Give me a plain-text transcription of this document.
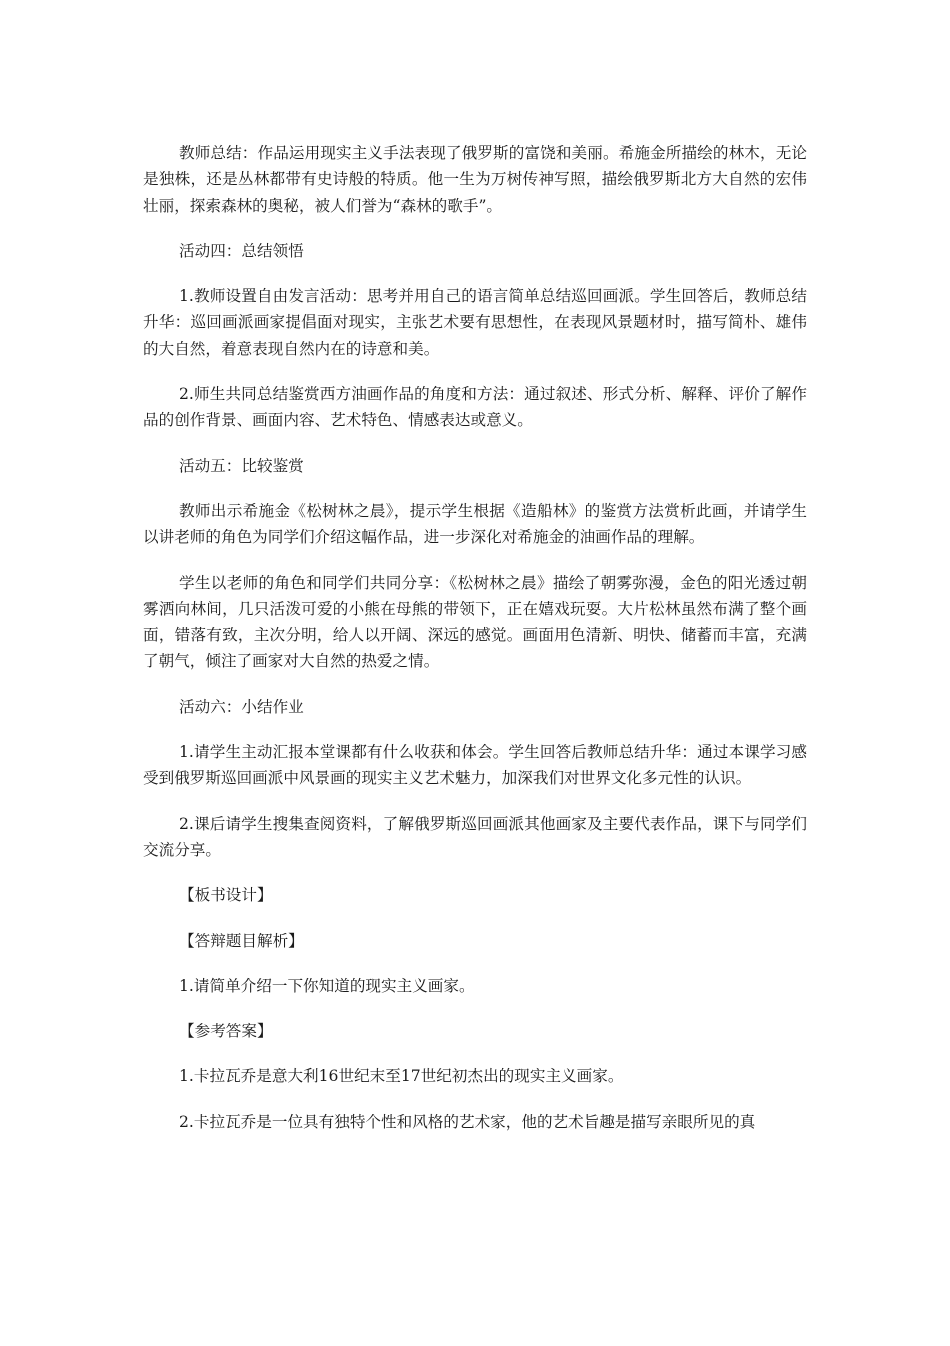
教师总结：作品运用现实主义手法表现了俄罗斯的富饶和美丽。希施金所描绘的林木，无论是独株，还是丛林都带有史诗般的特质。他一生为万树传神写照，描绘俄罗斯北方大自然的宏伟壮丽，探索森林的奥秘，被人们誉为“森林的歌手”。

活动四：总结领悟

1.教师设置自由发言活动：思考并用自己的语言简单总结巡回画派。学生回答后，教师总结升华：巡回画派画家提倡面对现实，主张艺术要有思想性，在表现风景题材时，描写简朴、雄伟的大自然，着意表现自然内在的诗意和美。

2.师生共同总结鉴赏西方油画作品的角度和方法：通过叙述、形式分析、解释、评价了解作品的创作背景、画面内容、艺术特色、情感表达或意义。

活动五：比较鉴赏

教师出示希施金《松树林之晨》，提示学生根据《造船林》的鉴赏方法赏析此画，并请学生以讲老师的角色为同学们介绍这幅作品，进一步深化对希施金的油画作品的理解。

学生以老师的角色和同学们共同分享：《松树林之晨》描绘了朝雾弥漫，金色的阳光透过朝雾洒向林间，几只活泼可爱的小熊在母熊的带领下，正在嬉戏玩耍。大片松林虽然布满了整个画面，错落有致，主次分明，给人以开阔、深远的感觉。画面用色清新、明快、储蓄而丰富，充满了朝气，倾注了画家对大自然的热爱之情。

活动六：小结作业

1.请学生主动汇报本堂课都有什么收获和体会。学生回答后教师总结升华：通过本课学习感受到俄罗斯巡回画派中风景画的现实主义艺术魅力，加深我们对世界文化多元性的认识。

2.课后请学生搜集查阅资料，了解俄罗斯巡回画派其他画家及主要代表作品，课下与同学们交流分享。

【板书设计】

【答辩题目解析】

1.请简单介绍一下你知道的现实主义画家。

【参考答案】

1.卡拉瓦乔是意大利16世纪末至17世纪初杰出的现实主义画家。

2.卡拉瓦乔是一位具有独特个性和风格的艺术家，他的艺术旨趣是描写亲眼所见的真
